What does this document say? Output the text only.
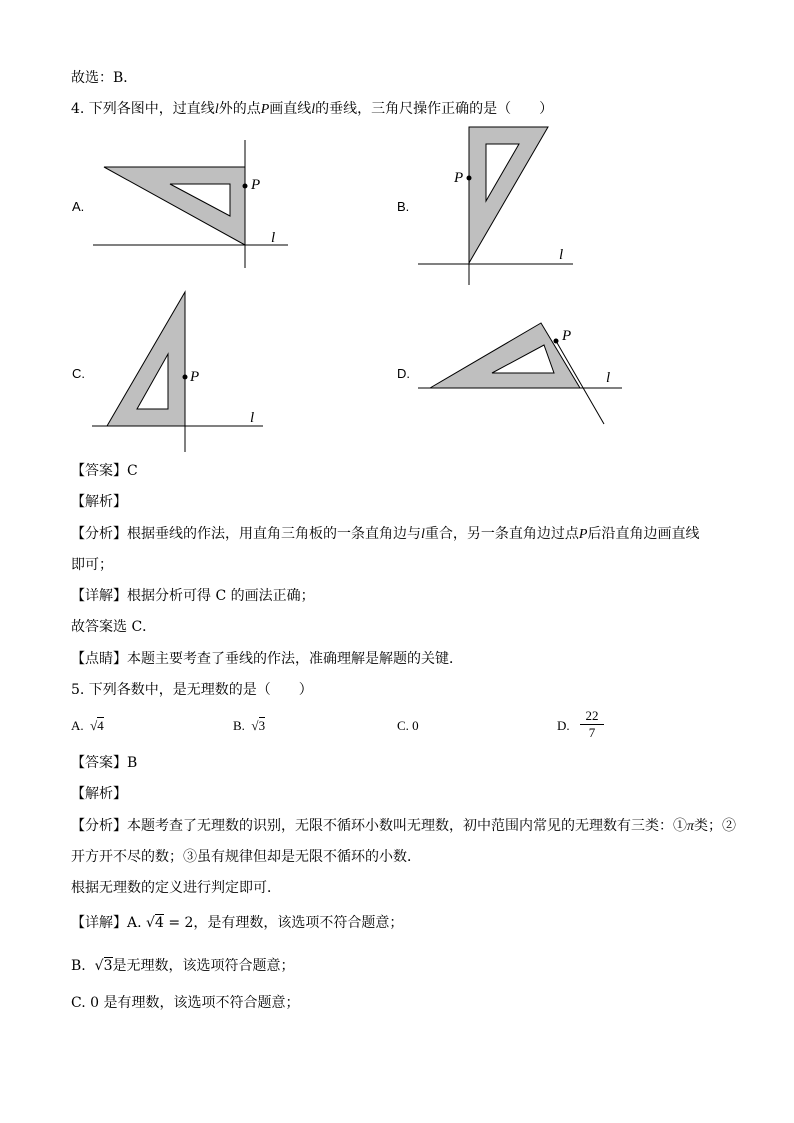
故选：B．
4. 下列各图中，过直线l外的点P画直线l的垂线，三角尺操作正确的是（　　）
A.	B.
C.	D.
P
l
P
l
P
l
P
l
【答案】C
【解析】
【分析】根据垂线的作法，用直角三角板的一条直角边与l重合，另一条直角边过点P后沿直角边画直线
即可；
【详解】根据分析可得 C 的画法正确；
故答案选 C．
【点睛】本题主要考查了垂线的作法，准确理解是解题的关键．
5. 下列各数中，是无理数的是（　　）
A.  √4	B.  √3	C. 0	D. $\frac{22}{7}$
【答案】B
【解析】
【分析】本题考查了无理数的识别，无限不循环小数叫无理数，初中范围内常见的无理数有三类：①π类；②
开方开不尽的数；③虽有规律但却是无限不循环的小数．
根据无理数的定义进行判定即可．
【详解】A. √4 = 2，是有理数，该选项不符合题意；
B.  √3是无理数，该选项符合题意；
C. 0 是有理数，该选项不符合题意；
